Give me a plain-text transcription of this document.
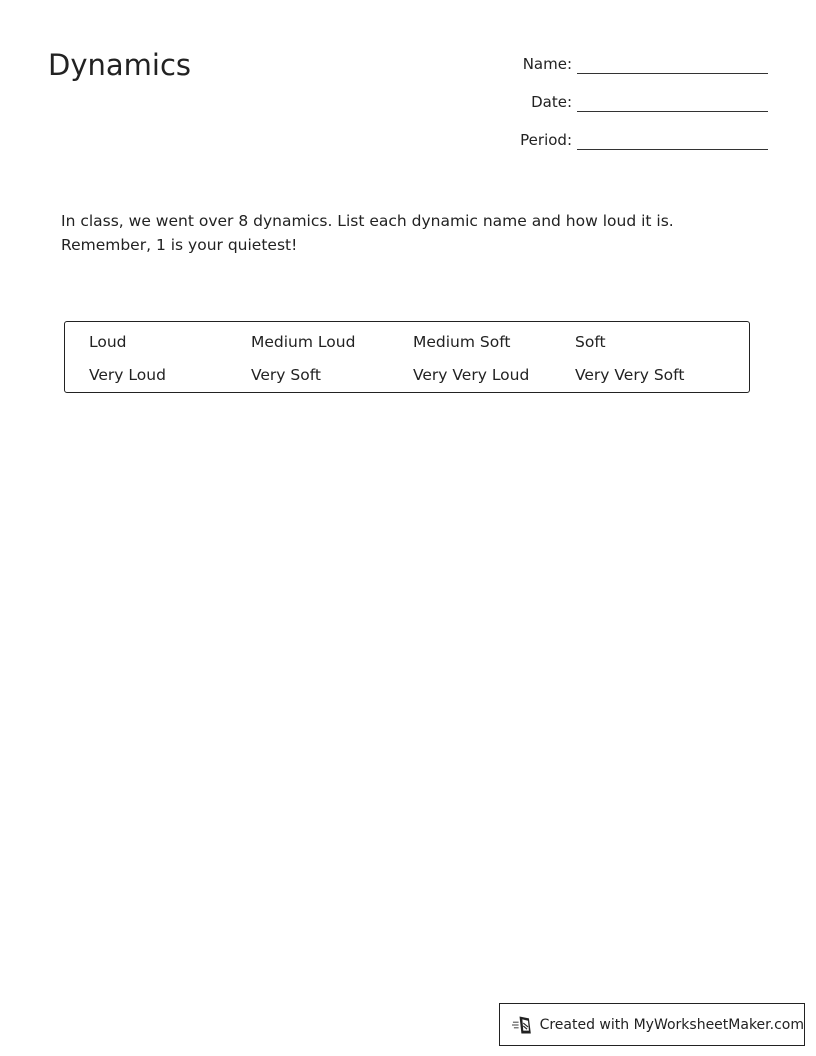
Dynamics	Name:
Date:
Period:
In class, we went over 8 dynamics. List each dynamic name and how loud it is.
Remember, 1 is your quietest!
Loud	Medium Loud	Medium Soft	Soft
Very Loud	Very Soft	Very Very Loud	Very Very Soft
Created with MyWorksheetMaker.com
